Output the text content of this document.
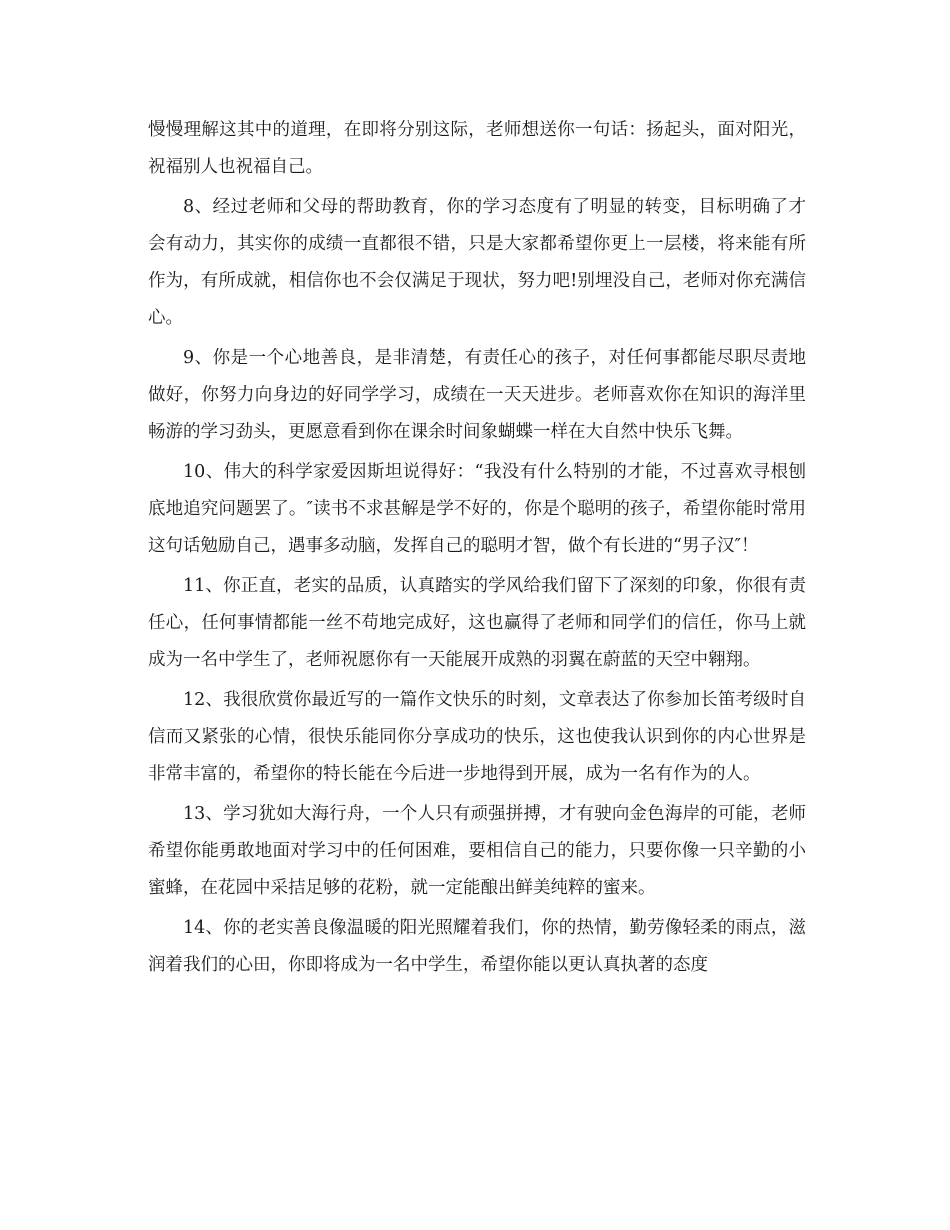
慢慢理解这其中的道理，在即将分别这际，老师想送你一句话：扬起头，面对阳光，祝福别人也祝福自己。

8、经过老师和父母的帮助教育，你的学习态度有了明显的转变，目标明确了才会有动力，其实你的成绩一直都很不错，只是大家都希望你更上一层楼，将来能有所作为，有所成就，相信你也不会仅满足于现状，努力吧!别埋没自己，老师对你充满信心。

9、你是一个心地善良，是非清楚，有责任心的孩子，对任何事都能尽职尽责地做好，你努力向身边的好同学学习，成绩在一天天进步。老师喜欢你在知识的海洋里畅游的学习劲头，更愿意看到你在课余时间象蝴蝶一样在大自然中快乐飞舞。

10、伟大的科学家爱因斯坦说得好：“我没有什么特别的才能，不过喜欢寻根刨底地追究问题罢了。″读书不求甚解是学不好的，你是个聪明的孩子，希望你能时常用这句话勉励自己，遇事多动脑，发挥自己的聪明才智，做个有长进的“男子汉″！

11、你正直，老实的品质，认真踏实的学风给我们留下了深刻的印象，你很有责任心，任何事情都能一丝不苟地完成好，这也赢得了老师和同学们的信任，你马上就成为一名中学生了，老师祝愿你有一天能展开成熟的羽翼在蔚蓝的天空中翱翔。

12、我很欣赏你最近写的一篇作文快乐的时刻，文章表达了你参加长笛考级时自信而又紧张的心情，很快乐能同你分享成功的快乐，这也使我认识到你的内心世界是非常丰富的，希望你的特长能在今后进一步地得到开展，成为一名有作为的人。

13、学习犹如大海行舟，一个人只有顽强拼搏，才有驶向金色海岸的可能，老师希望你能勇敢地面对学习中的任何困难，要相信自己的能力，只要你像一只辛勤的小蜜蜂，在花园中采拮足够的花粉，就一定能酿出鲜美纯粹的蜜来。

14、你的老实善良像温暖的阳光照耀着我们，你的热情，勤劳像轻柔的雨点，滋润着我们的心田，你即将成为一名中学生，希望你能以更认真执著的态度
